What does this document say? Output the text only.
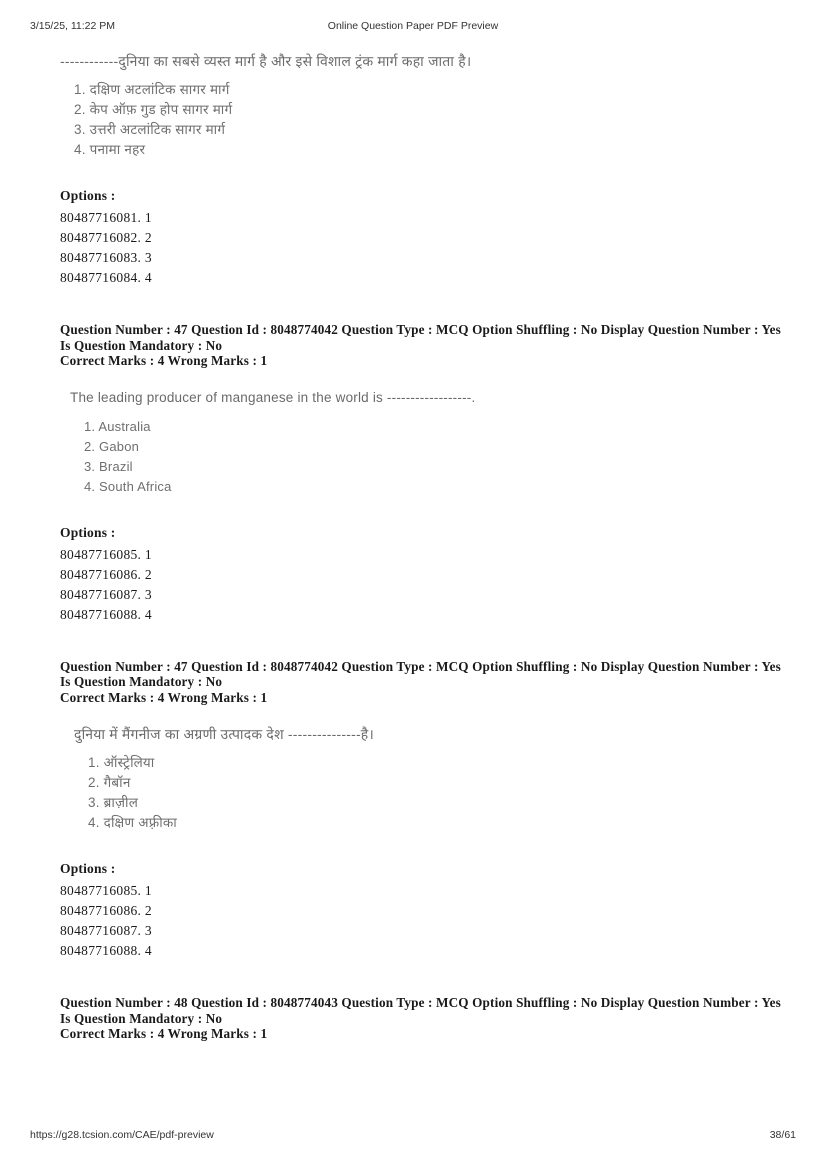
3/15/25, 11:22 PM	Online Question Paper PDF Preview

------------दुनिया का सबसे व्यस्त मार्ग है और इसे विशाल ट्रंक मार्ग कहा जाता है।

1. दक्षिण अटलांटिक सागर मार्ग
2. केप ऑफ़ गुड होप सागर मार्ग
3. उत्तरी अटलांटिक सागर मार्ग
4. पनामा नहर

Options :

80487716081. 1

80487716082. 2

80487716083. 3

80487716084. 4

Question Number : 47 Question Id : 8048774042 Question Type : MCQ Option Shuffling : No Display Question Number : Yes
Is Question Mandatory : No
Correct Marks : 4 Wrong Marks : 1

The leading producer of manganese in the world is ------------------.

1. Australia
2. Gabon
3. Brazil
4. South Africa

Options :

80487716085. 1

80487716086. 2

80487716087. 3

80487716088. 4

Question Number : 47 Question Id : 8048774042 Question Type : MCQ Option Shuffling : No Display Question Number : Yes
Is Question Mandatory : No
Correct Marks : 4 Wrong Marks : 1

दुनिया में मैंगनीज का अग्रणी उत्पादक देश ---------------है।

1. ऑस्ट्रेलिया
2. गैबॉन
3. ब्राज़ील
4. दक्षिण अफ़्रीका

Options :

80487716085. 1

80487716086. 2

80487716087. 3

80487716088. 4

Question Number : 48 Question Id : 8048774043 Question Type : MCQ Option Shuffling : No Display Question Number : Yes
Is Question Mandatory : No
Correct Marks : 4 Wrong Marks : 1
https://g28.tcsion.com/CAE/pdf-preview	38/61
